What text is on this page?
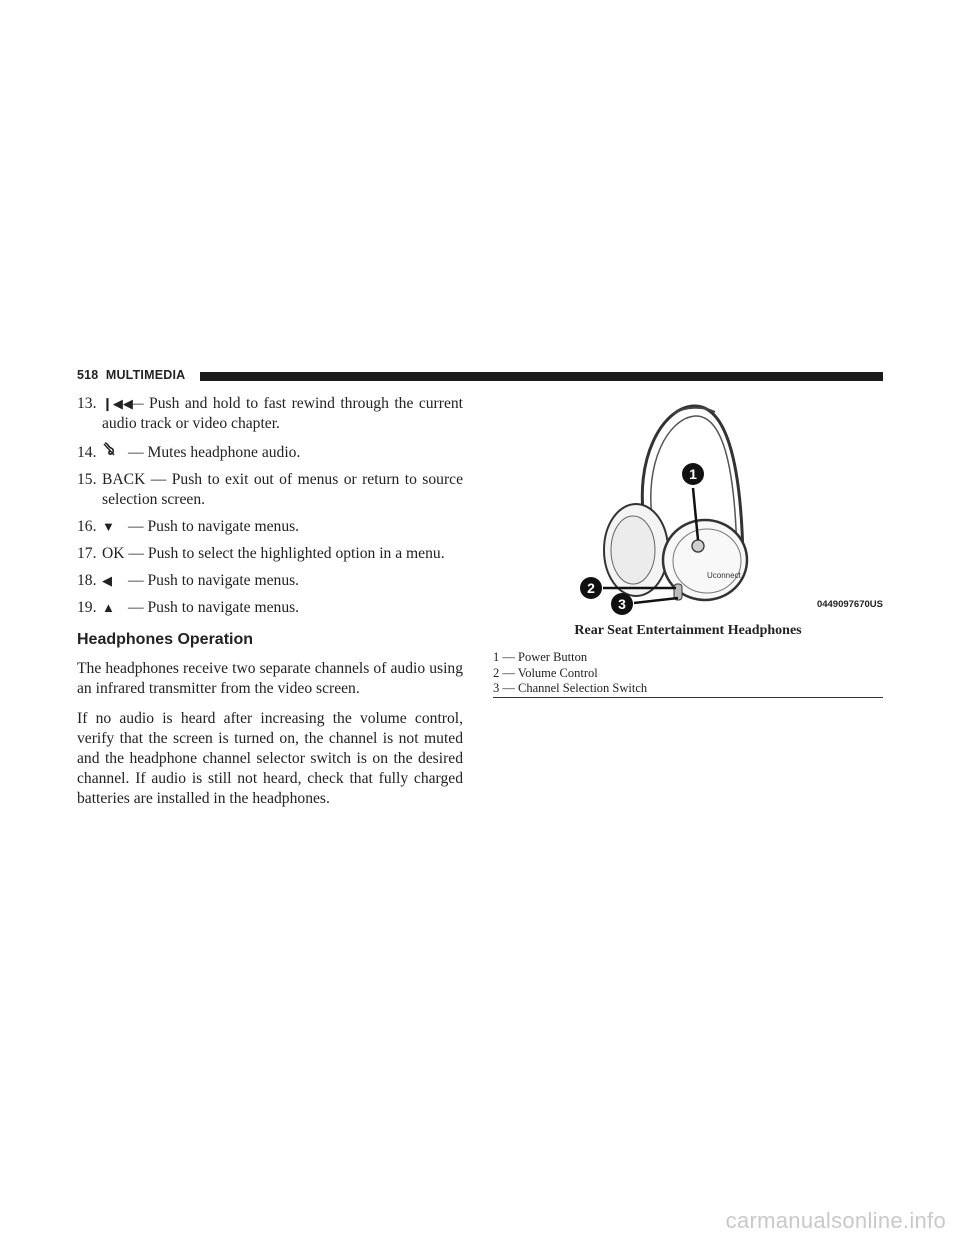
518 MULTIMEDIA
13. ❙◀◀— Push and hold to fast rewind through the current audio track or video chapter.
14. — Mutes headphone audio.
15. BACK — Push to exit out of menus or return to source selection screen.
16. ▼ — Push to navigate menus.
17. OK — Push to select the highlighted option in a menu.
18. ◀ — Push to navigate menus.
19. ▲ — Push to navigate menus.
Headphones Operation

The headphones receive two separate channels of audio using an infrared transmitter from the video screen.

If no audio is heard after increasing the volume control, verify that the screen is turned on, the channel is not muted and the headphone channel selector switch is on the desired channel. If audio is still not heard, check that fully charged batteries are installed in the headphones.

Uconnect
1
2
3	0449097670US
Rear Seat Entertainment Headphones
1 — Power Button
2 — Volume Control
3 — Channel Selection Switch
carmanualsonline.info
